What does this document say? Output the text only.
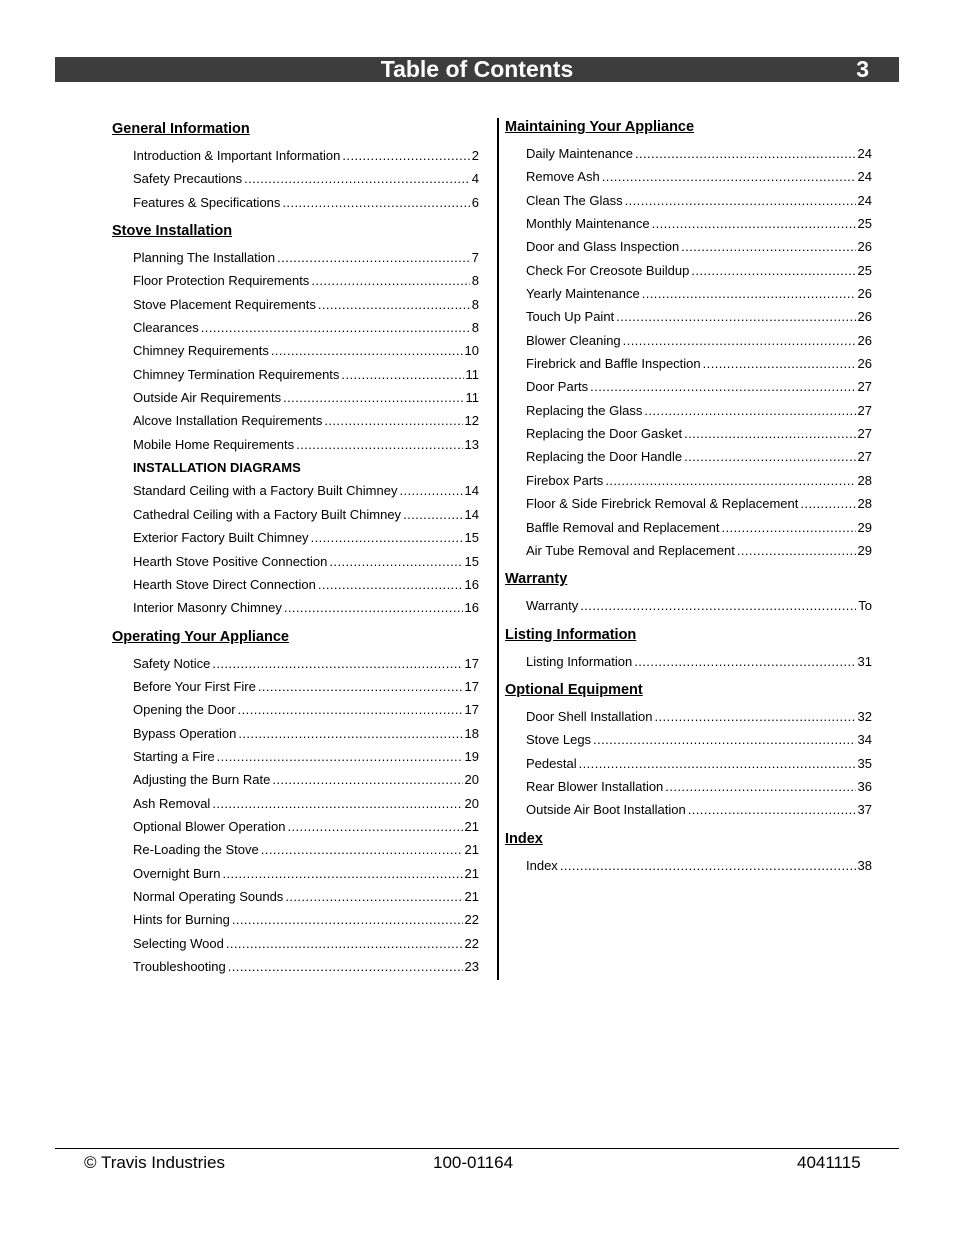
Table of Contents	3
General Information
Introduction & Important Information . . .	2
Safety Precautions . . .	4
Features & Specifications . . .	6
Stove Installation
Planning The Installation . . .	7
Floor Protection Requirements . . .	8
Stove Placement Requirements . . .	8
Clearances . . .	8
Chimney Requirements . . .	10
Chimney Termination Requirements . . .	11
Outside Air Requirements . . .	11
Alcove Installation Requirements . . .	12
Mobile Home Requirements . . .	13
INSTALLATION DIAGRAMS
Standard Ceiling with a Factory Built Chimney . . .	14
Cathedral Ceiling with a Factory Built Chimney . . .	14
Exterior Factory Built Chimney . . .	15
Hearth Stove Positive Connection . . .	15
Hearth Stove Direct Connection . . .	16
Interior Masonry Chimney . . .	16
Operating Your Appliance
Safety Notice . . .	17
Before Your First Fire . . .	17
Opening the Door . . .	17
Bypass Operation . . .	18
Starting a Fire . . .	19
Adjusting the Burn Rate . . .	20
Ash Removal . . .	20
Optional Blower Operation . . .	21
Re-Loading the Stove . . .	21
Overnight Burn . . .	21
Normal Operating Sounds . . .	21
Hints for Burning . . .	22
Selecting Wood . . .	22
Troubleshooting . . .	23
Maintaining Your Appliance
Daily Maintenance . . .	24
Remove Ash . . .	24
Clean The Glass . . .	24
Monthly Maintenance . . .	25
Door and Glass Inspection . . .	26
Check For Creosote Buildup . . .	25
Yearly Maintenance . . .	26
Touch Up Paint . . .	26
Blower Cleaning . . .	26
Firebrick and Baffle Inspection . . .	26
Door Parts . . .	27
Replacing the Glass . . .	27
Replacing the Door Gasket . . .	27
Replacing the Door Handle . . .	27
Firebox Parts . . .	28
Floor & Side Firebrick Removal & Replacement . . .	28
Baffle Removal and Replacement . . .	29
Air Tube Removal and Replacement . . .	29
Warranty
Warranty . . .	To
Listing Information
Listing Information . . .	31
Optional Equipment
Door Shell Installation . . .	32
Stove Legs . . .	34
Pedestal . . .	35
Rear Blower Installation . . .	36
Outside Air Boot Installation . . .	37
Index
Index . . .	38
© Travis Industries	100-01164	4041115
